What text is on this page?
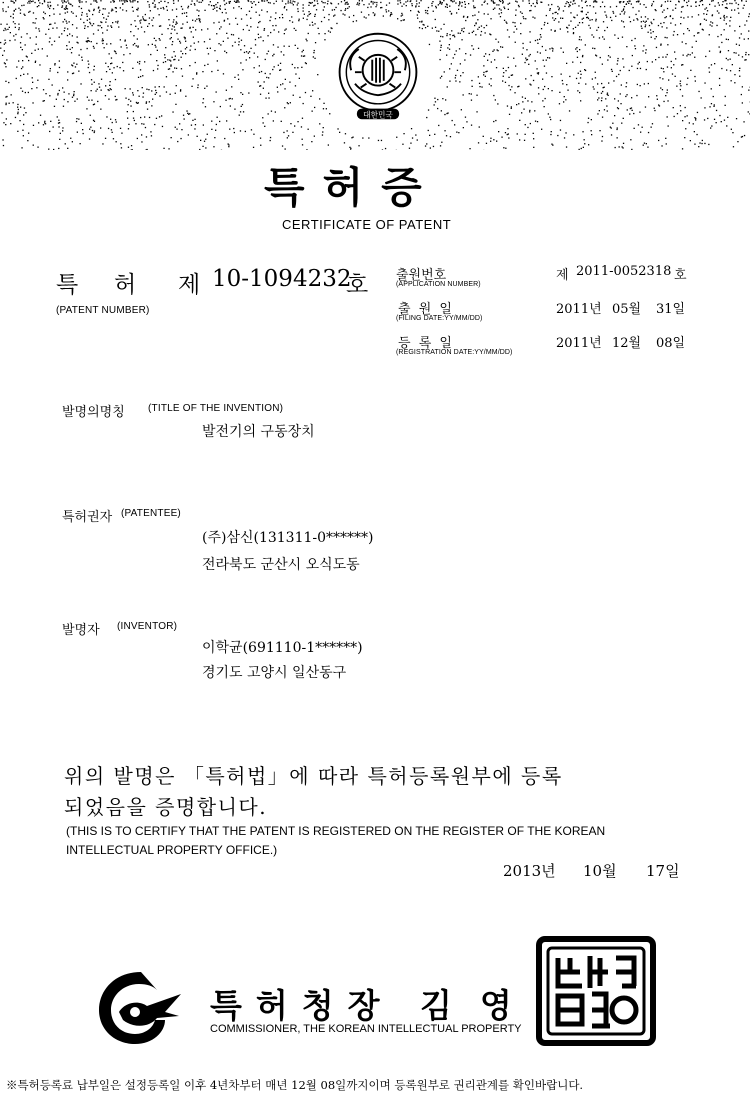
대한민국
특허증
CERTIFICATE OF PATENT
특 허 제 10-1094232
호
(PATENT NUMBER)
출원번호
(APPLICATION NUMBER)
제 2011-0052318 호
출 원 일
(FILING DATE:YY/MM/DD)
2011년 05월 31일
등 록 일
(REGISTRATION DATE:YY/MM/DD)
2011년 12월 08일
발명의명칭 (TITLE OF THE INVENTION)
발전기의 구동장치
특허권자 (PATENTEE)
(주)삼신(131311-0******)
전라북도 군산시 오식도동
발명자 (INVENTOR)
이학균(691110-1******)
경기도 고양시 일산동구
위의 발명은 「특허법」에 따라 특허등록원부에 등록
되었음을 증명합니다.
(THIS IS TO CERTIFY THAT THE PATENT IS REGISTERED ON THE REGISTER OF THE KOREAN
INTELLECTUAL PROPERTY OFFICE.)
2013년 10월 17일
특허청장 김영
COMMISSIONER, THE KOREAN INTELLECTUAL PROPERTY
※특허등록료 납부일은 설정등록일 이후 4년차부터 매년 12월 08일까지이며 등록원부로 권리관계를 확인바랍니다.
